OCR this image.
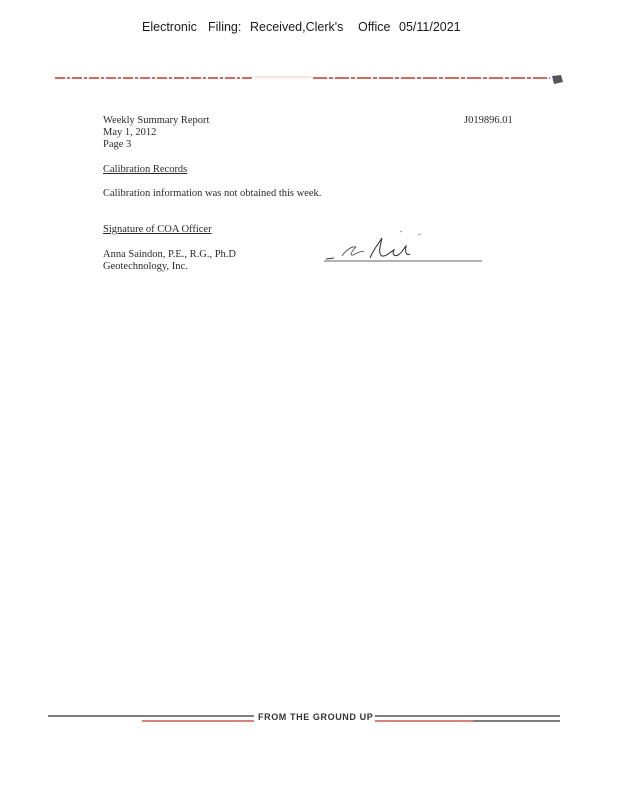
Electronic Filing: Received,Clerk's Office 05/11/2021
Weekly Summary Report
May 1, 2012
Page 3
J019896.01
Calibration Records
Calibration information was not obtained this week.
Signature of COA Officer
Anna Saindon, P.E., R.G., Ph.D
Geotechnology, Inc.
FROM THE GROUND UP
